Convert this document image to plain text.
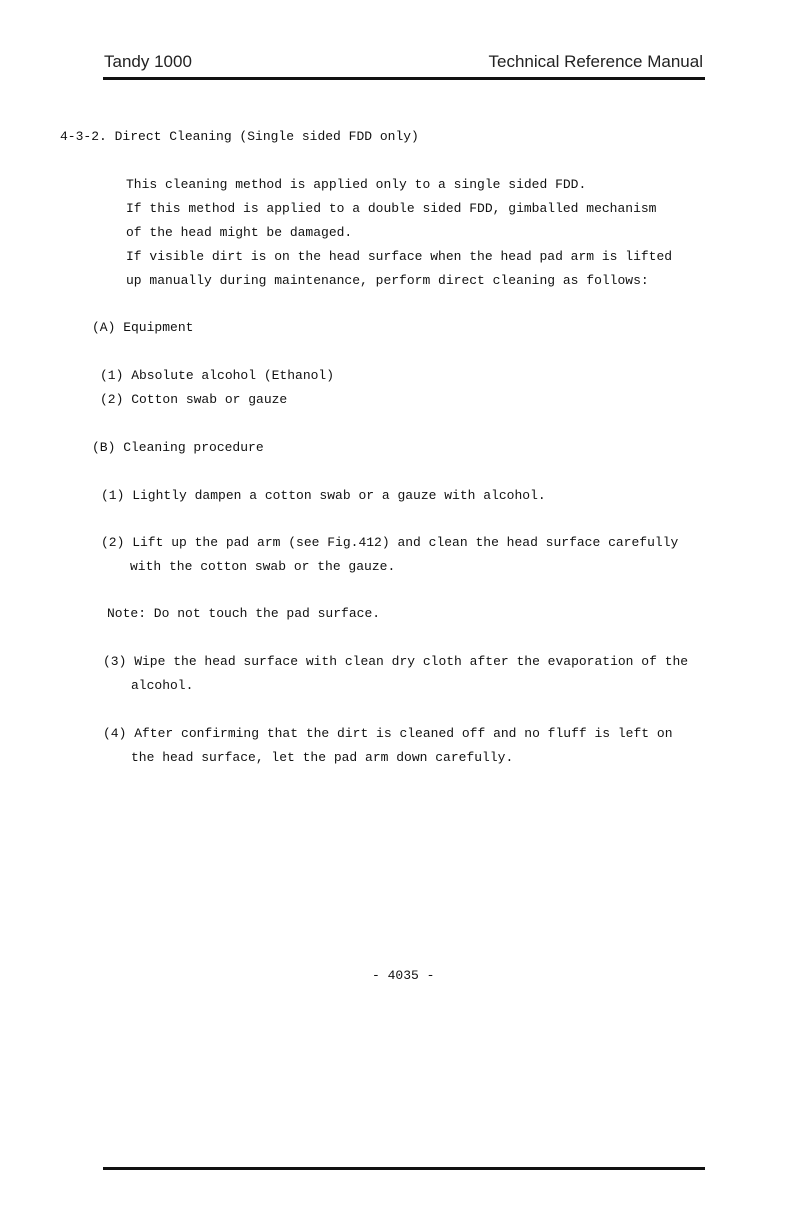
Tandy 1000	Technical Reference Manual
4-3-2. Direct Cleaning (Single sided FDD only)
This cleaning method is applied only to a single sided FDD.
If this method is applied to a double sided FDD, gimballed mechanism
of the head might be damaged.
If visible dirt is on the head surface when the head pad arm is lifted
up manually during maintenance, perform direct cleaning as follows:
(A) Equipment
(1) Absolute alcohol (Ethanol)
(2) Cotton swab or gauze
(B) Cleaning procedure
(1) Lightly dampen a cotton swab or a gauze with alcohol.
(2) Lift up the pad arm (see Fig.412) and clean the head surface carefully
with the cotton swab or the gauze.
Note: Do not touch the pad surface.
(3) Wipe the head surface with clean dry cloth after the evaporation of the
alcohol.
(4) After confirming that the dirt is cleaned off and no fluff is left on
the head surface, let the pad arm down carefully.
- 4035 -
